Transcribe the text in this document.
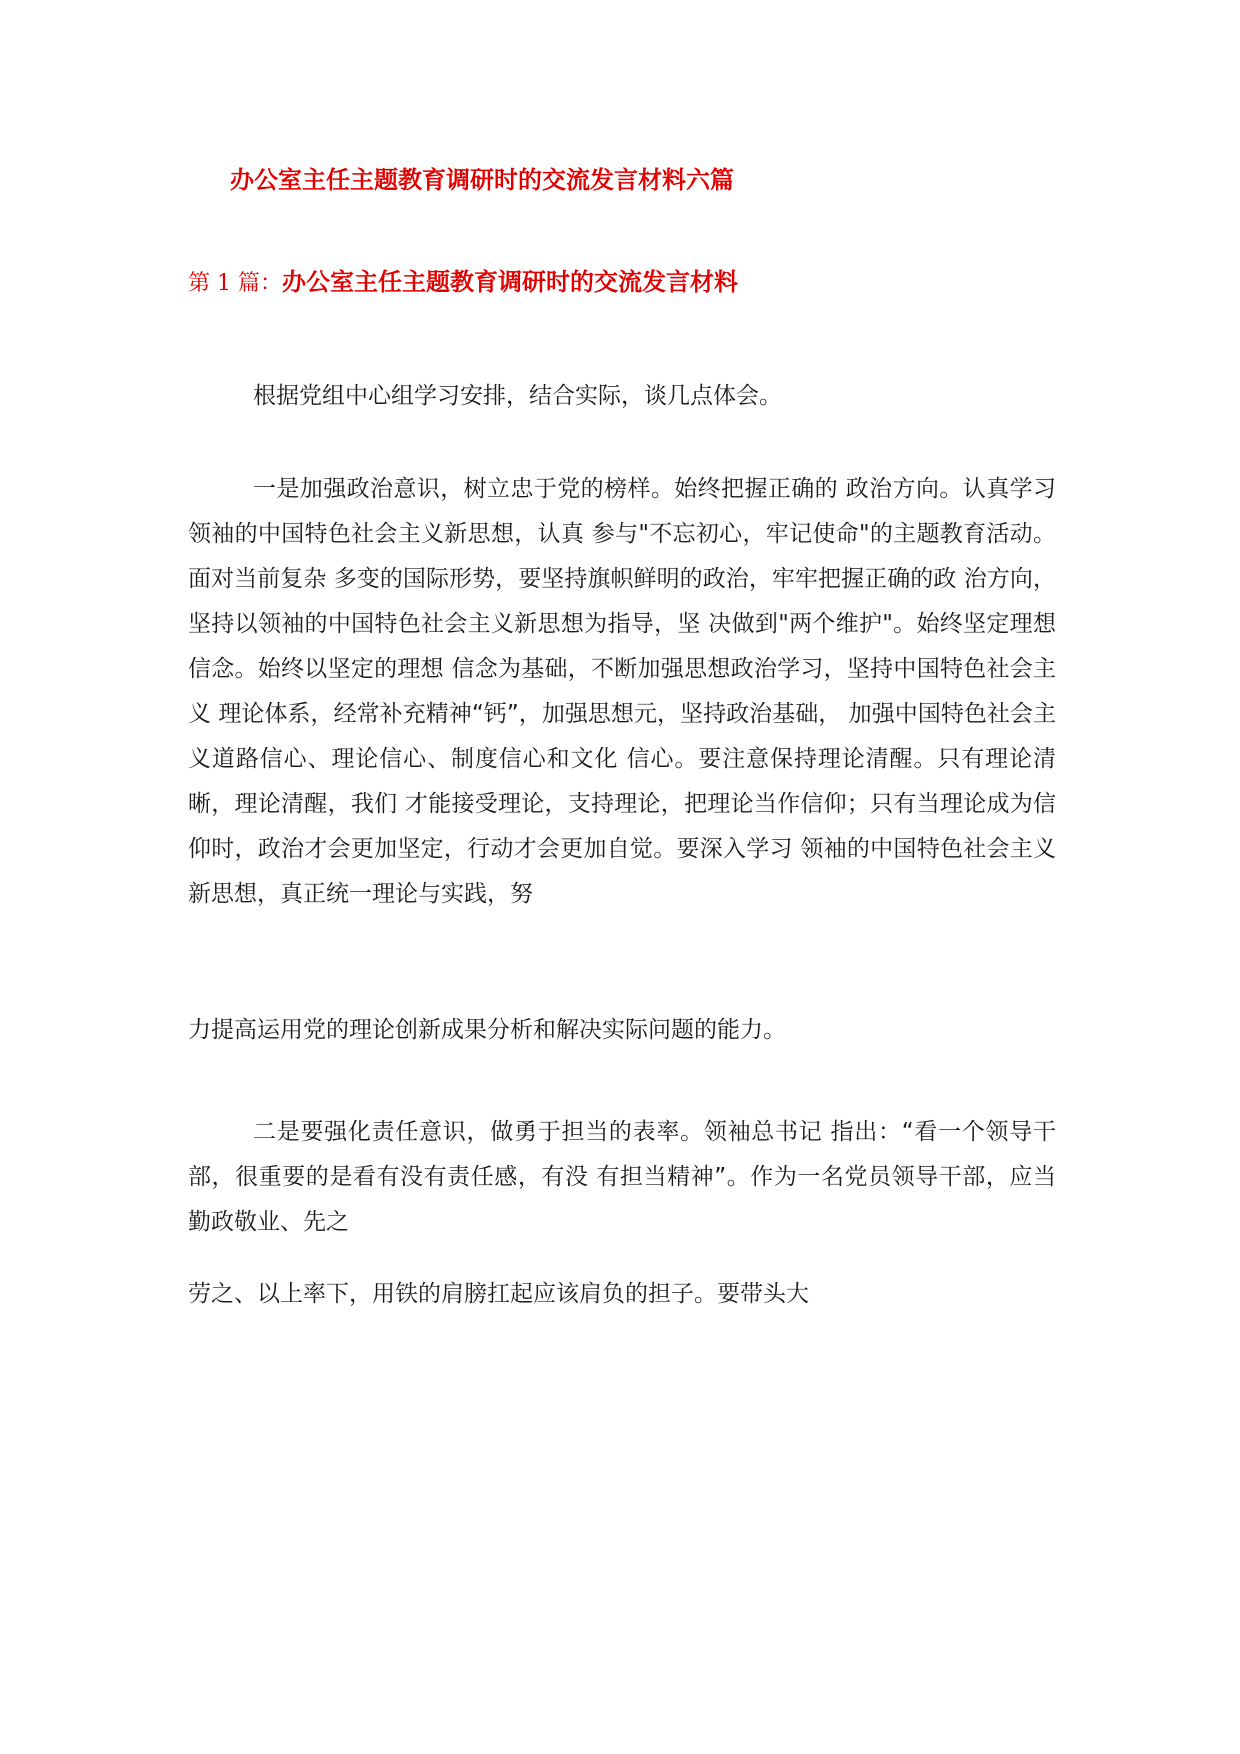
办公室主任主题教育调研时的交流发言材料六篇
第 1 篇：办公室主任主题教育调研时的交流发言材料

根据党组中心组学习安排，结合实际，谈几点体会。

一是加强政治意识，树立忠于党的榜样。始终把握正确的 政治方向。认真学习领袖的中国特色社会主义新思想，认真 参与"不忘初心，牢记使命"的主题教育活动。面对当前复杂 多变的国际形势，要坚持旗帜鲜明的政治，牢牢把握正确的政 治方向，坚持以领袖的中国特色社会主义新思想为指导，坚 决做到"两个维护"。始终坚定理想信念。始终以坚定的理想 信念为基础，不断加强思想政治学习，坚持中国特色社会主义 理论体系，经常补充精神“钙”，加强思想元，坚持政治基础， 加强中国特色社会主义道路信心、理论信心、制度信心和文化 信心。要注意保持理论清醒。只有理论清晰，理论清醒，我们 才能接受理论，支持理论，把理论当作信仰；只有当理论成为信仰时，政治才会更加坚定，行动才会更加自觉。要深入学习 领袖的中国特色社会主义新思想，真正统一理论与实践，努

力提高运用党的理论创新成果分析和解决实际问题的能力。

二是要强化责任意识，做勇于担当的表率。领袖总书记 指出：“看一个领导干部，很重要的是看有没有责任感，有没 有担当精神”。作为一名党员领导干部，应当勤政敬业、先之

劳之、以上率下，用铁的肩膀扛起应该肩负的担子。要带头大
